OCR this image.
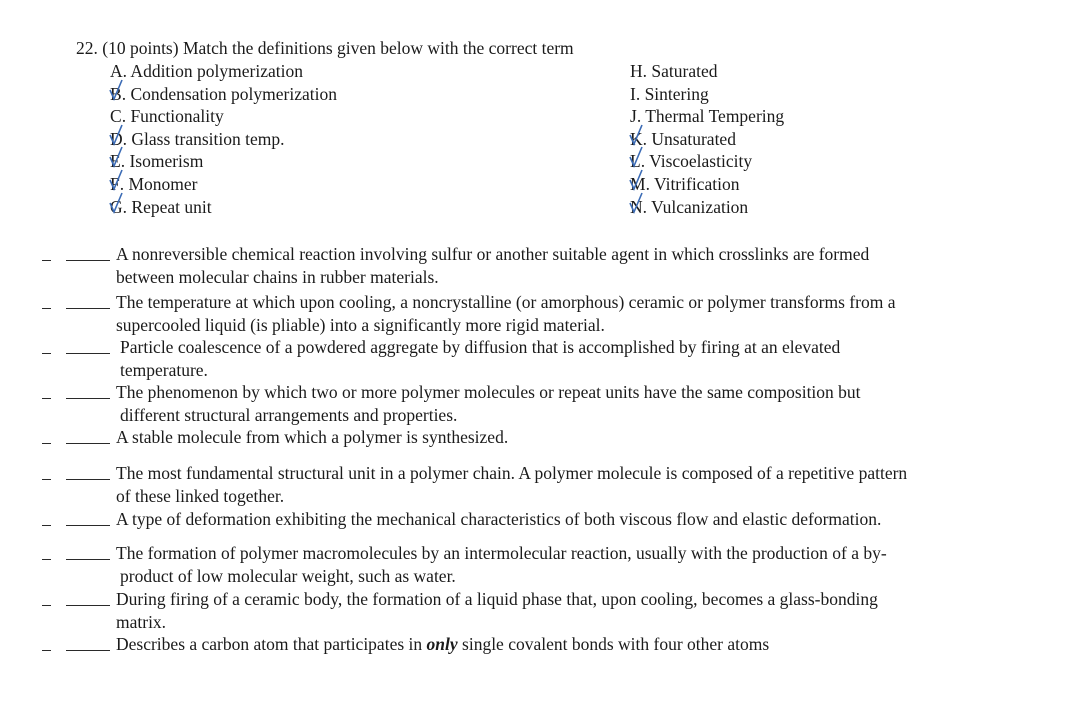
22. (10 points) Match the definitions given below with the correct term
A. Addition polymerization
B
. Condensation polymerization
C. Functionality
D
. Glass transition temp.
E
. Isomerism
F
. Monomer
G
. Repeat unit
H. Saturated
I. Sintering
J. Thermal Tempering
K
. Unsaturated
L
. Viscoelasticity
M
. Vitrification
N
. Vulcanization
A nonreversible chemical reaction involving sulfur or another suitable agent in which crosslinks are formed
between molecular chains in rubber materials.
The temperature at which upon cooling, a noncrystalline (or amorphous) ceramic or polymer transforms from a
supercooled liquid (is pliable) into a significantly more rigid material.
Particle coalescence of a powdered aggregate by diffusion that is accomplished by firing at an elevated
temperature.
The phenomenon by which two or more polymer molecules or repeat units have the same composition but
different structural arrangements and properties.
A stable molecule from which a polymer is synthesized.
The most fundamental structural unit in a polymer chain. A polymer molecule is composed of a repetitive pattern
of these linked together.
A type of deformation exhibiting the mechanical characteristics of both viscous flow and elastic deformation.
The formation of polymer macromolecules by an intermolecular reaction, usually with the production of a by-
product of low molecular weight, such as water.
During firing of a ceramic body, the formation of a liquid phase that, upon cooling, becomes a glass-bonding
matrix.
Describes a carbon atom that participates in only single covalent bonds with four other atoms
